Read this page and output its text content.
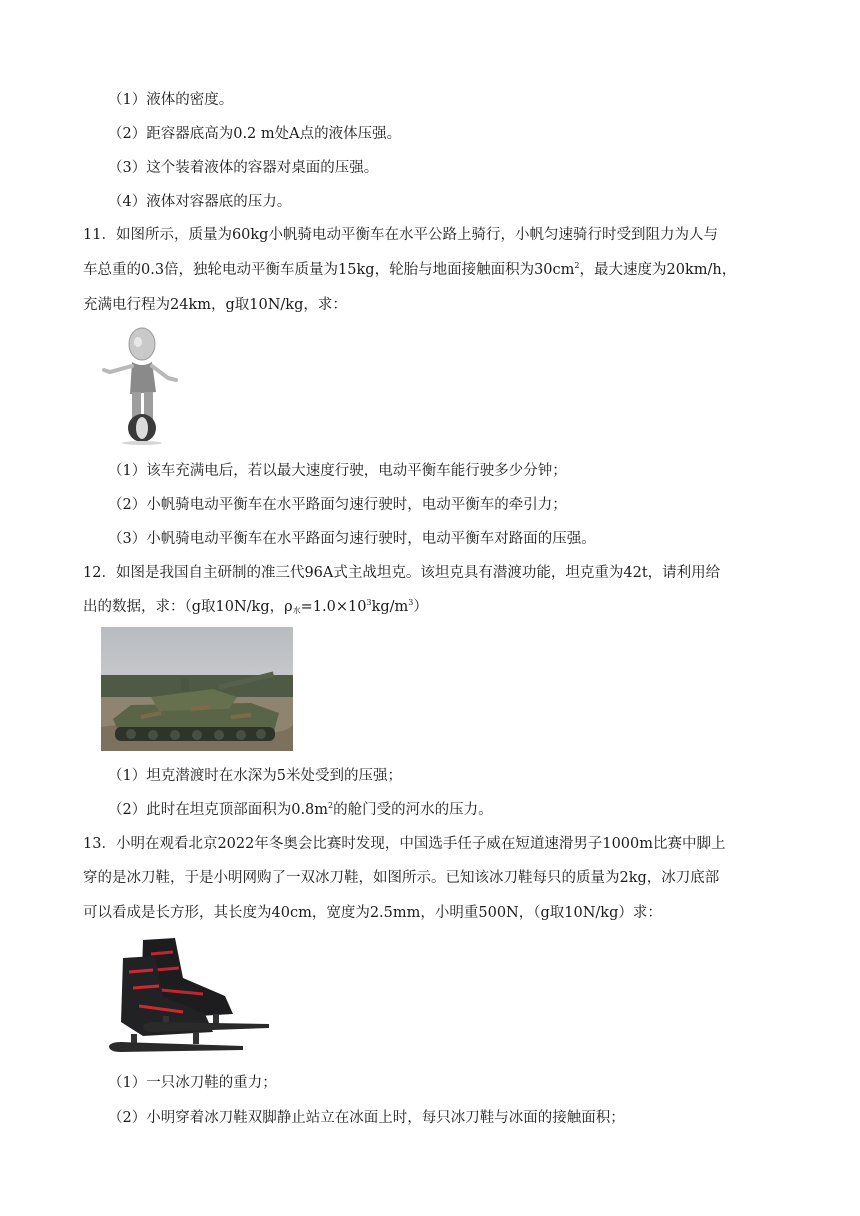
（1）液体的密度。
（2）距容器底高为0.2 m处A点的液体压强。
（3）这个装着液体的容器对桌面的压强。
（4）液体对容器底的压力。
11．如图所示，质量为60kg小帆骑电动平衡车在水平公路上骑行，小帆匀速骑行时受到阻力为人与
车总重的0.3倍，独轮电动平衡车质量为15kg，轮胎与地面接触面积为$30cm^2$，最大速度为20km/h，
充满电行程为24km，g取10N/kg，求：
（1）该车充满电后，若以最大速度行驶，电动平衡车能行驶多少分钟；
（2）小帆骑电动平衡车在水平路面匀速行驶时，电动平衡车的牵引力；
（3）小帆骑电动平衡车在水平路面匀速行驶时，电动平衡车对路面的压强。
12．如图是我国自主研制的准三代96A式主战坦克。该坦克具有潜渡功能，坦克重为42t，请利用给
出的数据，求：（g取10N/kg，$\rho_水=1.0\times 10^3kg/m^3$）
（1）坦克潜渡时在水深为5米处受到的压强；
（2）此时在坦克顶部面积为$0.8m^2$的舱门受的河水的压力。
13．小明在观看北京2022年冬奥会比赛时发现，中国选手任子威在短道速滑男子1000m比赛中脚上
穿的是冰刀鞋，于是小明网购了一双冰刀鞋，如图所示。已知该冰刀鞋每只的质量为2kg，冰刀底部
可以看成是长方形，其长度为40cm，宽度为2.5mm，小明重500N，（g取10N/kg）求：
（1）一只冰刀鞋的重力；
（2）小明穿着冰刀鞋双脚静止站立在冰面上时，每只冰刀鞋与冰面的接触面积；
